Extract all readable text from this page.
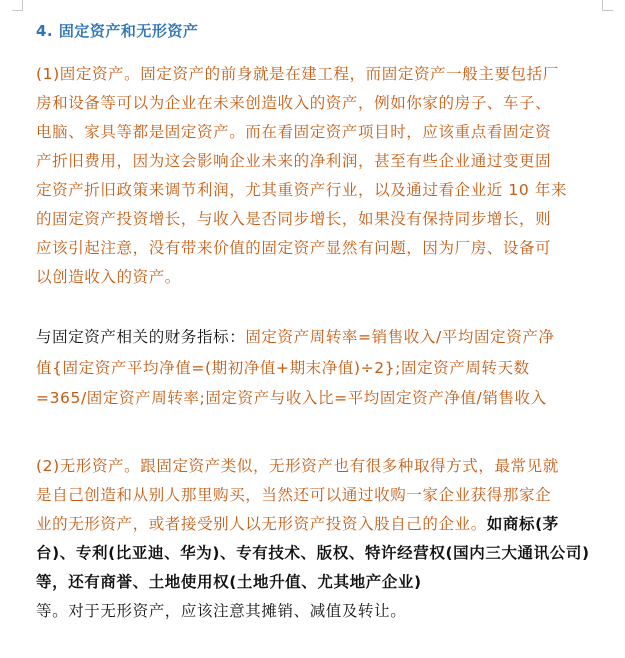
4. 固定资产和无形资产
(1)固定资产。固定资产的前身就是在建工程，而固定资产一般主要包括厂
房和设备等可以为企业在未来创造收入的资产，例如你家的房子、车子、
电脑、家具等都是固定资产。而在看固定资产项目时，应该重点看固定资
产折旧费用，因为这会影响企业未来的净利润，甚至有些企业通过变更固
定资产折旧政策来调节利润，尤其重资产行业，以及通过看企业近 10 年来
的固定资产投资增长，与收入是否同步增长，如果没有保持同步增长，则
应该引起注意，没有带来价值的固定资产显然有问题，因为厂房、设备可
以创造收入的资产。
与固定资产相关的财务指标：固定资产周转率=销售收入/平均固定资产净
值{固定资产平均净值=(期初净值+期末净值)÷2};固定资产周转天数
=365/固定资产周转率;固定资产与收入比=平均固定资产净值/销售收入
(2)无形资产。跟固定资产类似，无形资产也有很多种取得方式，最常见就
是自己创造和从别人那里购买，当然还可以通过收购一家企业获得那家企
业的无形资产，或者接受别人以无形资产投资入股自己的企业。如商标(茅
台)、专利(比亚迪、华为)、专有技术、版权、特许经营权(国内三大通讯公司)
等，还有商誉、土地使用权(土地升值、尤其地产企业)
等。对于无形资产，应该注意其摊销、减值及转让。
